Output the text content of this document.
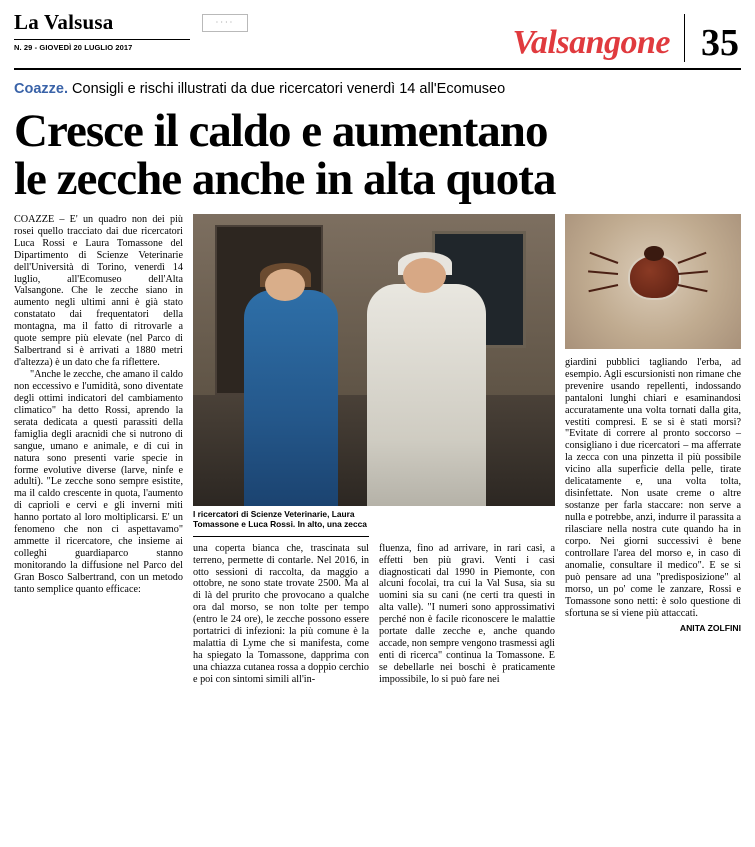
La Valsusa
N. 29 - GIOVEDÌ 20 LUGLIO 2017
····
Valsangone 35
Coazze. Consigli e rischi illustrati da due ricercatori venerdì 14 all'Ecomuseo
Cresce il caldo e aumentano
le zecche anche in alta quota

COAZZE – E' un quadro non dei più rosei quello tracciato dai due ricercatori Luca Rossi e Laura Tomassone del Dipartimento di Scienze Veterinarie dell'Università di Torino, venerdì 14 luglio, all'Ecomuseo dell'Alta Valsangone. Che le zecche siano in aumento negli ultimi anni è già stato constatato dai frequentatori della montagna, ma il fatto di ritrovarle a quote sempre più elevate (nel Parco di Salbertrand si è arrivati a 1880 metri d'altezza) è un dato che fa riflettere.

"Anche le zecche, che amano il caldo non eccessivo e l'umidità, sono diventate degli ottimi indicatori del cambiamento climatico" ha detto Rossi, aprendo la serata dedicata a questi parassiti della famiglia degli aracnidi che si nutrono di sangue, umano e animale, e di cui in natura sono presenti varie specie in forme evolutive diverse (larve, ninfe e adulti). "Le zecche sono sempre esistite, ma il caldo crescente in quota, l'aumento di caprioli e cervi e gli inverni miti hanno portato al loro moltiplicarsi. E' un fenomeno che non ci aspettavamo" ammette il ricercatore, che insieme ai colleghi guardiaparco stanno monitorando la diffusione nel Parco del Gran Bosco Salbertrand, con un metodo tanto semplice quanto efficace:

I ricercatori di Scienze Veterinarie, Laura Tomassone e Luca Rossi. In alto, una zecca

una coperta bianca che, trascinata sul terreno, permette di contarle. Nel 2016, in otto sessioni di raccolta, da maggio a ottobre, ne sono state trovate 2500. Ma al di là del prurito che provocano a qualche ora dal morso, se non tolte per tempo (entro le 24 ore), le zecche possono essere portatrici di infezioni: la più comune è la malattia di Lyme che si manifesta, come ha spiegato la Tomassone, dapprima con una chiazza cutanea rossa a doppio cerchio e poi con sintomi simili all'in-

fluenza, fino ad arrivare, in rari casi, a effetti ben più gravi. Venti i casi diagnosticati dal 1990 in Piemonte, con alcuni focolai, tra cui la Val Susa, sia su uomini sia su cani (ne certi tra questi in alta valle). "I numeri sono approssimativi perché non è facile riconoscere le malattie portate dalle zecche e, anche quando accade, non sempre vengono trasmessi agli enti di ricerca" continua la Tomassone. E se debellarle nei boschi è praticamente impossibile, lo si può fare nei

giardini pubblici tagliando l'erba, ad esempio. Agli escursionisti non rimane che prevenire usando repellenti, indossando pantaloni lunghi chiari e esaminandosi accuratamente una volta tornati dalla gita, vestiti compresi. E se si è stati morsi? "Evitate di correre al pronto soccorso – consigliano i due ricercatori – ma afferrate la zecca con una pinzetta il più possibile vicino alla superficie della pelle, tirate delicatamente e, una volta tolta, disinfettate. Non usate creme o altre sostanze per farla staccare: non serve a nulla e potrebbe, anzi, indurre il parassita a rilasciare nella nostra cute quando ha in corpo. Nei giorni successivi è bene controllare l'area del morso e, in caso di anomalie, consultare il medico". E se si può pensare ad una "predisposizione" al morso, un po' come le zanzare, Rossi e Tomassone sono netti: è solo questione di sfortuna se si viene più attaccati.

ANITA ZOLFINI
